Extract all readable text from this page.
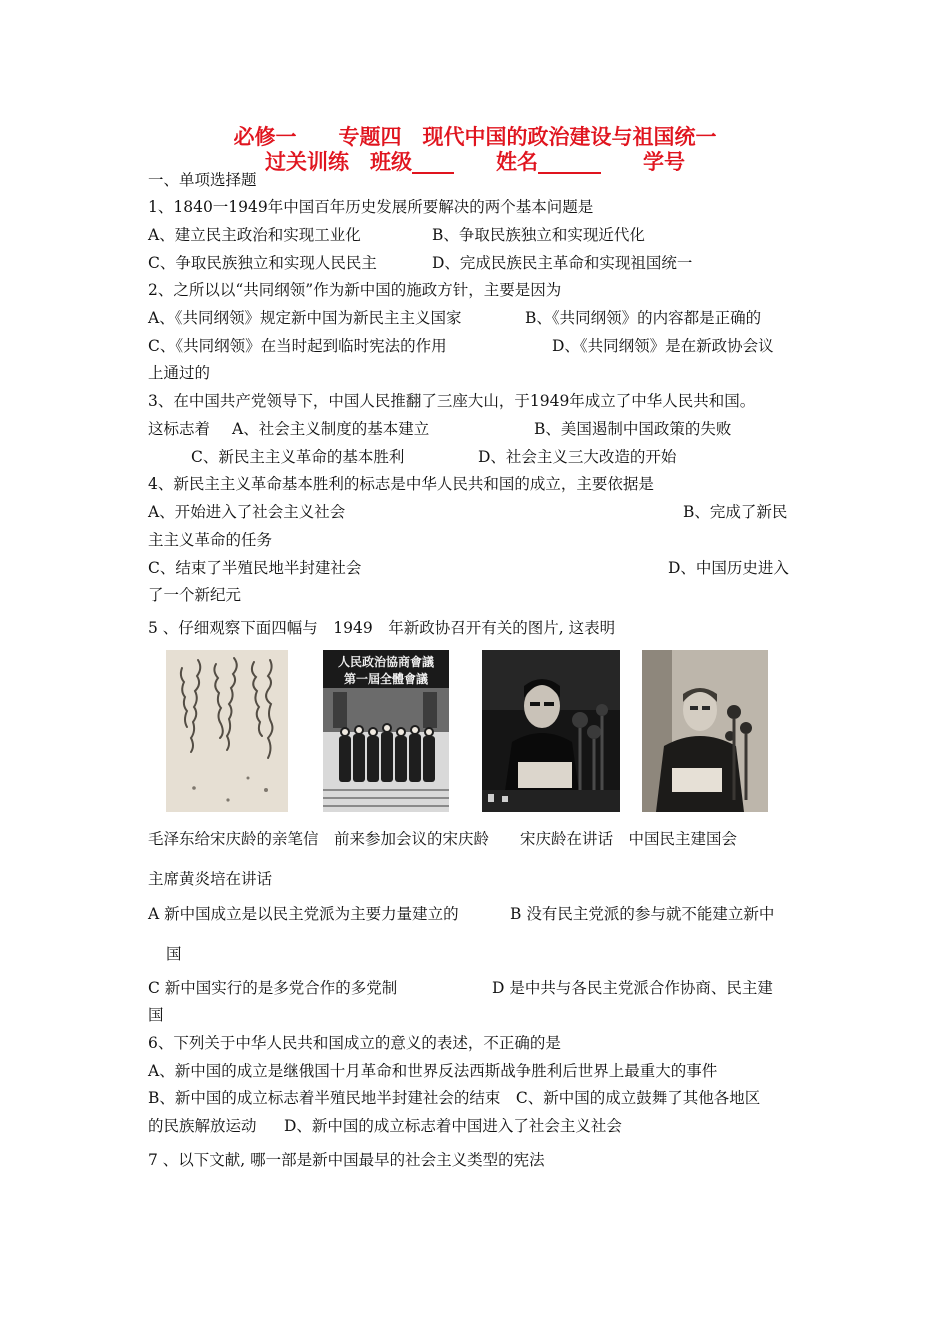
必修一　　专题四　现代中国的政治建设与祖国统一
过关训练　班级____　　姓名______　　学号
一、单项选择题
1、1840一1949年中国百年历史发展所要解决的两个基本问题是
A、建立民主政治和实现工业化	B、争取民族独立和实现近代化
C、争取民族独立和实现人民民主	D、完成民族民主革命和实现祖国统一
2、之所以以“共同纲领”作为新中国的施政方针，主要是因为
A、《共同纲领》规定新中国为新民主主义国家	B、《共同纲领》的内容都是正确的
C、《共同纲领》在当时起到临时宪法的作用	D、《共同纲领》是在新政协会议
上通过的
3、在中国共产党领导下，中国人民推翻了三座大山，于1949年成立了中华人民共和国。
这标志着 A、社会主义制度的基本建立	B、美国遏制中国政策的失败
C、新民主主义革命的基本胜利	D、社会主义三大改造的开始
4、新民主主义革命基本胜利的标志是中华人民共和国的成立，主要依据是
A、开始进入了社会主义社会	B、完成了新民
主主义革命的任务
C、结束了半殖民地半封建社会	D、中国历史进入
了一个新纪元
5 、仔细观察下面四幅与　1949　年新政协召开有关的图片, 这表明
人民政治協商會議
第一屆全體會議
毛泽东给宋庆龄的亲笔信　前来参加会议的宋庆龄　　宋庆龄在讲话　中国民主建国会
主席黄炎培在讲话
A 新中国成立是以民主党派为主要力量建立的	B 没有民主党派的参与就不能建立新中
国
C 新中国实行的是多党合作的多党制	D 是中共与各民主党派合作协商、民主建
国
6、下列关于中华人民共和国成立的意义的表述，不正确的是
A、新中国的成立是继俄国十月革命和世界反法西斯战争胜利后世界上最重大的事件
B、新中国的成立标志着半殖民地半封建社会的结束　C、新中国的成立鼓舞了其他各地区
的民族解放运动 D、新中国的成立标志着中国进入了社会主义社会
7 、以下文献, 哪一部是新中国最早的社会主义类型的宪法
